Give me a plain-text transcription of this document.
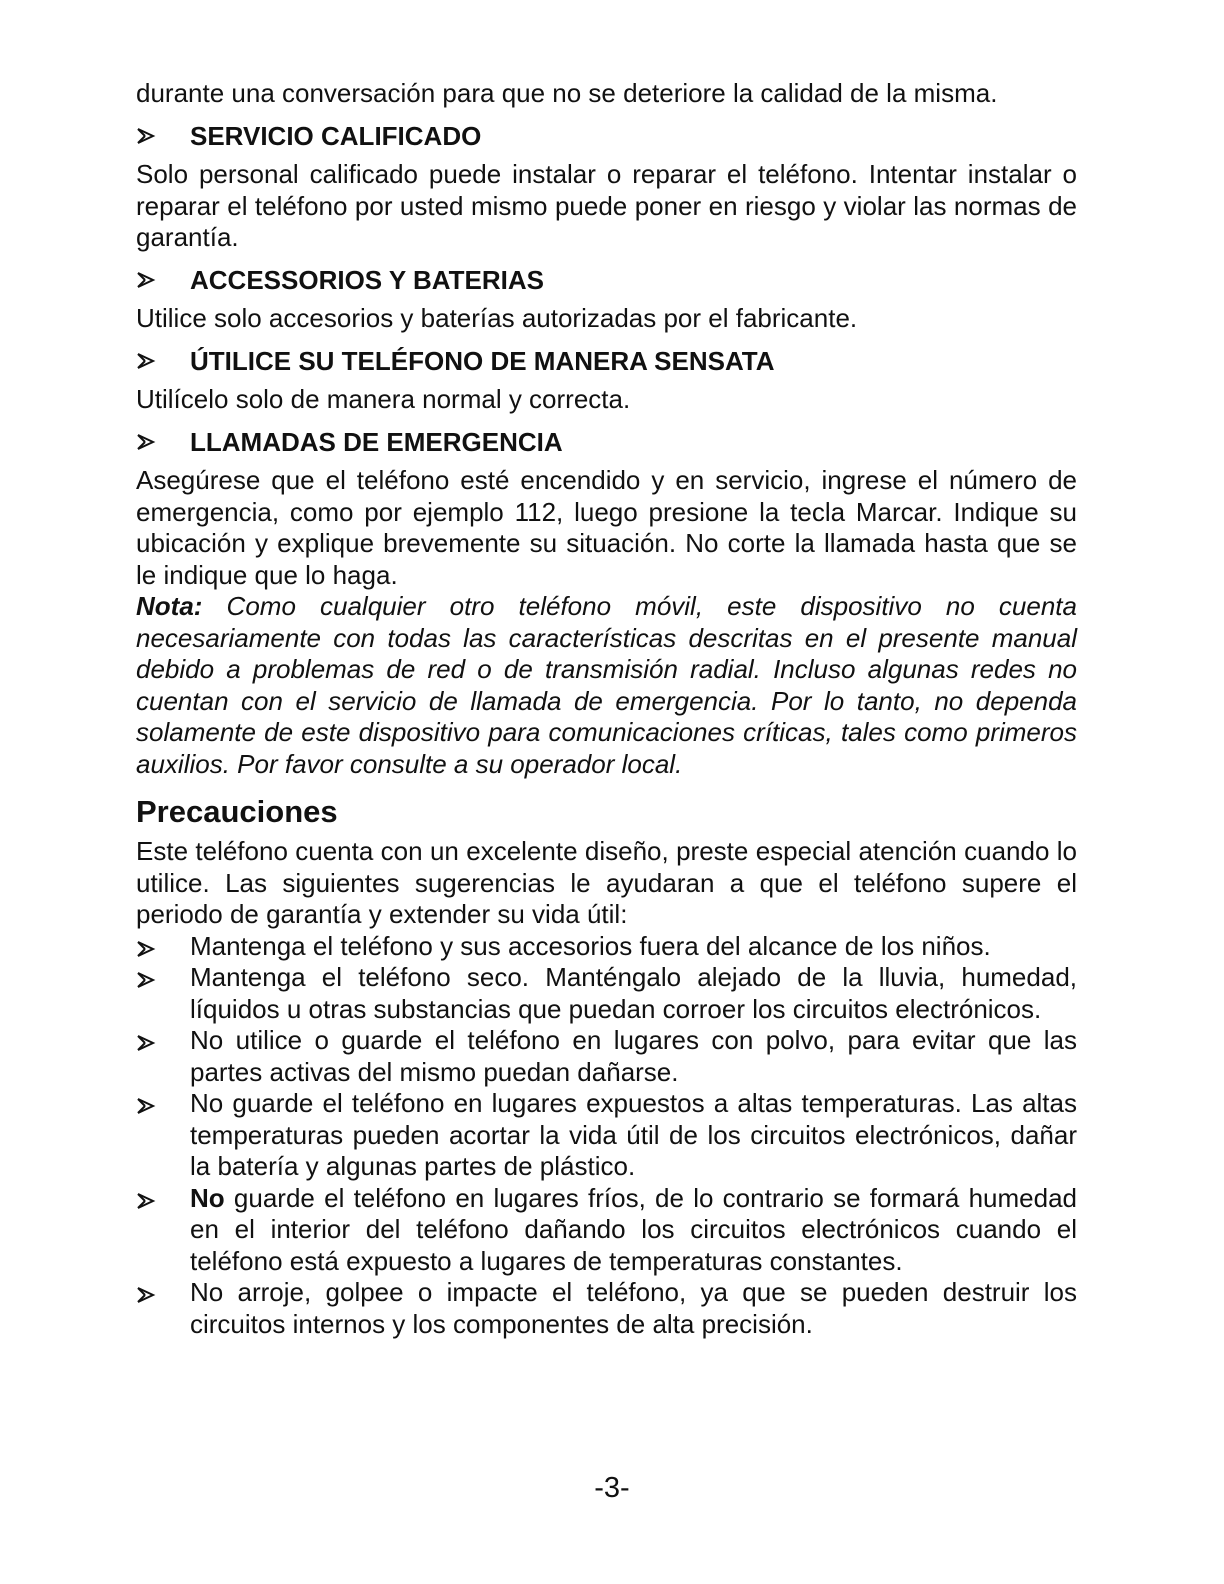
durante una conversación para que no se deteriore la calidad de la misma.

SERVICIO CALIFICADO

Solo personal calificado puede instalar o reparar el teléfono. Intentar instalar o reparar el teléfono por usted mismo puede poner en riesgo y violar las normas de garantía.

ACCESSORIOS Y BATERIAS

Utilice solo accesorios y baterías autorizadas por el fabricante.

ÚTILICE SU TELÉFONO DE MANERA SENSATA

Utilícelo solo de manera normal y correcta.

LLAMADAS DE EMERGENCIA

Asegúrese que el teléfono esté encendido y en servicio, ingrese el número de emergencia, como por ejemplo 112, luego presione la tecla Marcar. Indique su ubicación y explique brevemente su situación. No corte la llamada hasta que se le indique que lo haga.

Nota: Como cualquier otro teléfono móvil, este dispositivo no cuenta necesariamente con todas las características descritas en el presente manual debido a problemas de red o de transmisión radial. Incluso algunas redes no cuentan con el servicio de llamada de emergencia. Por lo tanto, no dependa solamente de este dispositivo para comunicaciones críticas, tales como primeros auxilios. Por favor consulte a su operador local.

Precauciones

Este teléfono cuenta con un excelente diseño, preste especial atención cuando lo utilice. Las siguientes sugerencias le ayudaran a que el teléfono supere el periodo de garantía y extender su vida útil:

Mantenga el teléfono y sus accesorios fuera del alcance de los niños.
Mantenga el teléfono seco. Manténgalo alejado de la lluvia, humedad, líquidos u otras substancias que puedan corroer los circuitos electrónicos.
No utilice o guarde el teléfono en lugares con polvo, para evitar que las partes activas del mismo puedan dañarse.
No guarde el teléfono en lugares expuestos a altas temperaturas. Las altas temperaturas pueden acortar la vida útil de los circuitos electrónicos, dañar la batería y algunas partes de plástico.
No guarde el teléfono en lugares fríos, de lo contrario se formará humedad en el interior del teléfono dañando los circuitos electrónicos cuando el teléfono está expuesto a lugares de temperaturas constantes.
No arroje, golpee o impacte el teléfono, ya que se pueden destruir los circuitos internos y los componentes de alta precisión.
-3-
